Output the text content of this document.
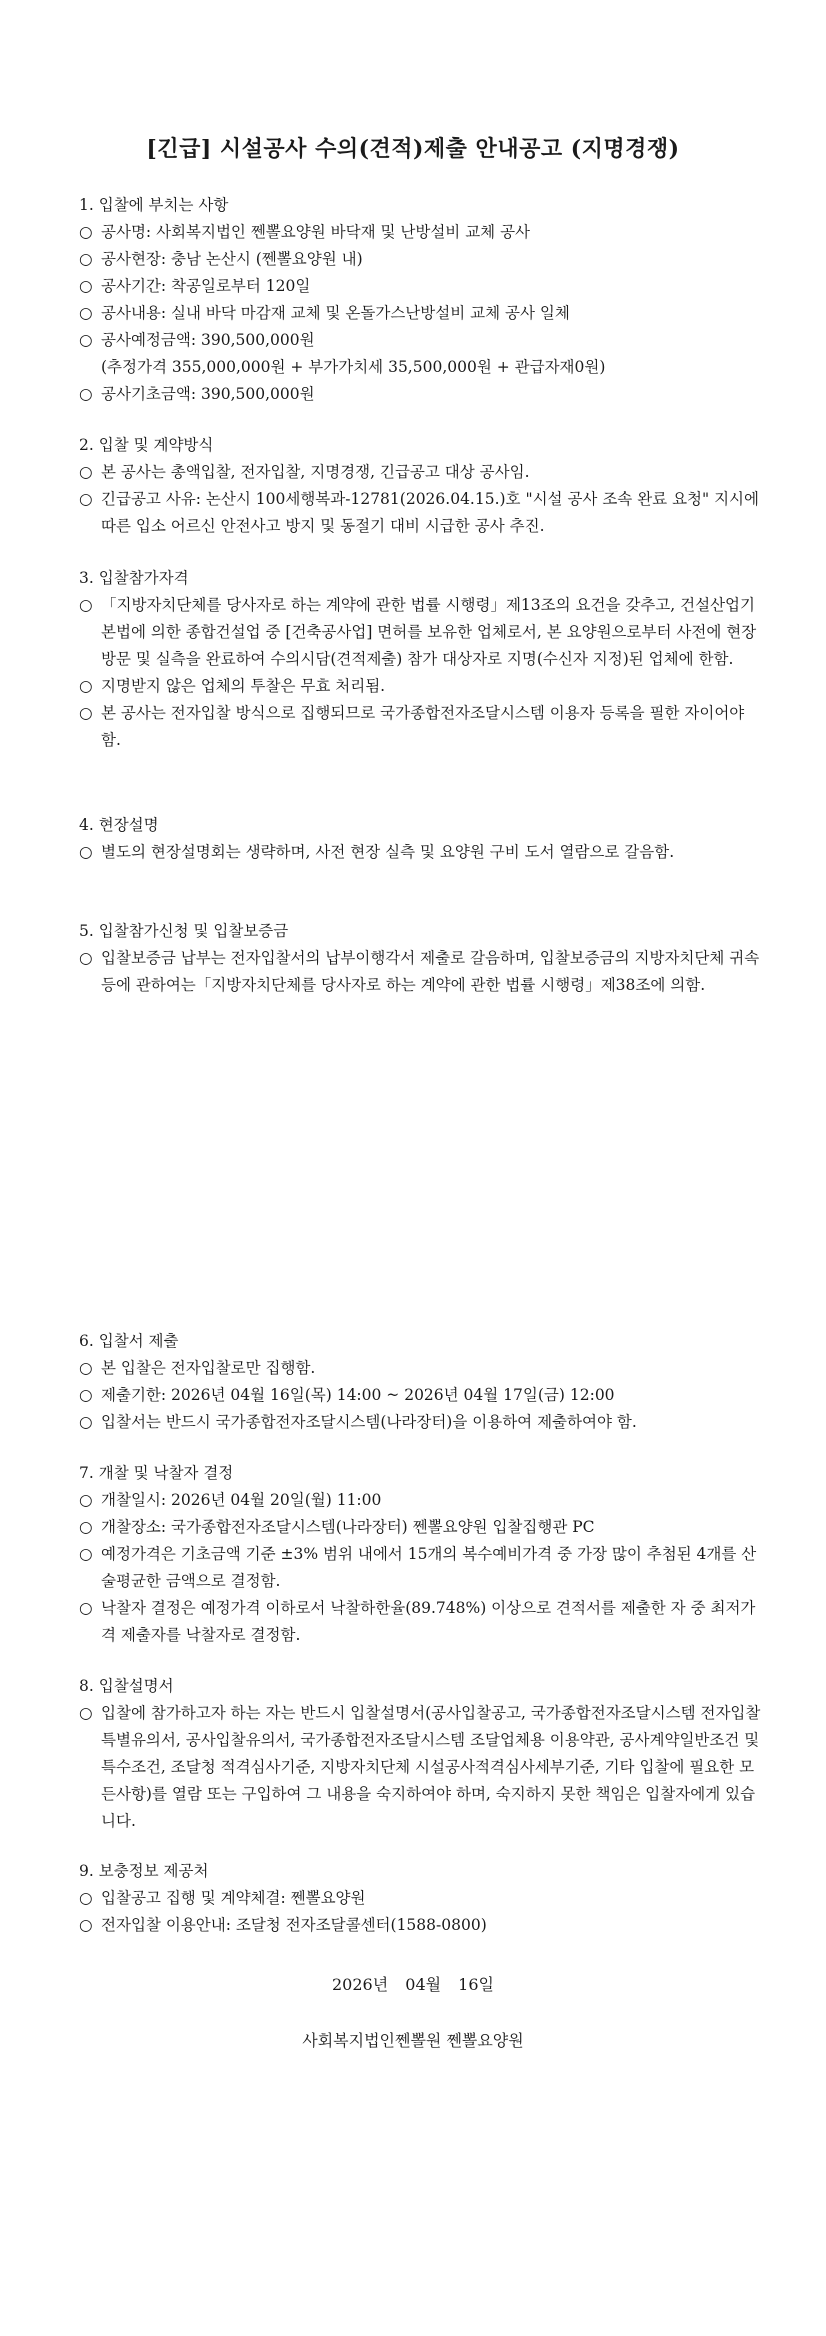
[긴급] 시설공사 수의(견적)제출 안내공고 (지명경쟁)
1. 입찰에 부치는 사항
○ 공사명: 사회복지법인 쩬뽈요양원 바닥재 및 난방설비 교체 공사
○ 공사현장: 충남 논산시 (쩬뽈요양원 내)
○ 공사기간: 착공일로부터 120일
○ 공사내용: 실내 바닥 마감재 교체 및 온돌가스난방설비 교체 공사 일체
○ 공사예정금액: 390,500,000원
(추정가격 355,000,000원 + 부가가치세 35,500,000원 + 관급자재0원)
○ 공사기초금액: 390,500,000원
2. 입찰 및 계약방식
○ 본 공사는 총액입찰, 전자입찰, 지명경쟁, 긴급공고 대상 공사임.
○ 긴급공고 사유: 논산시 100세행복과-12781(2026.04.15.)호 "시설 공사 조속 완료 요청" 지시에 따른 입소 어르신 안전사고 방지 및 동절기 대비 시급한 공사 추진.
3. 입찰참가자격
○ 「지방자치단체를 당사자로 하는 계약에 관한 법률 시행령」제13조의 요건을 갖추고, 건설산업기본법에 의한 종합건설업 중 [건축공사업] 면허를 보유한 업체로서, 본 요양원으로부터 사전에 현장 방문 및 실측을 완료하여 수의시담(견적제출) 참가 대상자로 지명(수신자 지정)된 업체에 한함.
○ 지명받지 않은 업체의 투찰은 무효 처리됨.
○ 본 공사는 전자입찰 방식으로 집행되므로 국가종합전자조달시스템 이용자 등록을 필한 자이어야 함.
4. 현장설명
○ 별도의 현장설명회는 생략하며, 사전 현장 실측 및 요양원 구비 도서 열람으로 갈음함.
5. 입찰참가신청 및 입찰보증금
○ 입찰보증금 납부는 전자입찰서의 납부이행각서 제출로 갈음하며, 입찰보증금의 지방자치단체 귀속 등에 관하여는「지방자치단체를 당사자로 하는 계약에 관한 법률 시행령」제38조에 의함.
6. 입찰서 제출
○ 본 입찰은 전자입찰로만 집행함.
○ 제출기한: 2026년 04월 16일(목) 14:00 ~ 2026년 04월 17일(금) 12:00
○ 입찰서는 반드시 국가종합전자조달시스템(나라장터)을 이용하여 제출하여야 함.
7. 개찰 및 낙찰자 결정
○ 개찰일시: 2026년 04월 20일(월) 11:00
○ 개찰장소: 국가종합전자조달시스템(나라장터) 쩬뽈요양원 입찰집행관 PC
○ 예정가격은 기초금액 기준 ±3% 범위 내에서 15개의 복수예비가격 중 가장 많이 추첨된 4개를 산술평균한 금액으로 결정함.
○ 낙찰자 결정은 예정가격 이하로서 낙찰하한율(89.748%) 이상으로 견적서를 제출한 자 중 최저가격 제출자를 낙찰자로 결정함.
8. 입찰설명서
○ 입찰에 참가하고자 하는 자는 반드시 입찰설명서(공사입찰공고, 국가종합전자조달시스템 전자입찰특별유의서, 공사입찰유의서, 국가종합전자조달시스템 조달업체용 이용약관, 공사계약일반조건 및 특수조건, 조달청 적격심사기준, 지방자치단체 시설공사적격심사세부기준, 기타 입찰에 필요한 모든사항)를 열람 또는 구입하여 그 내용을 숙지하여야 하며, 숙지하지 못한 책임은 입찰자에게 있습니다.
9. 보충정보 제공처
○ 입찰공고 집행 및 계약체결: 쩬뽈요양원
○ 전자입찰 이용안내: 조달청 전자조달콜센터(1588-0800)
2026년 04월 16일
사회복지법인쩬뽈원 쩬뽈요양원
